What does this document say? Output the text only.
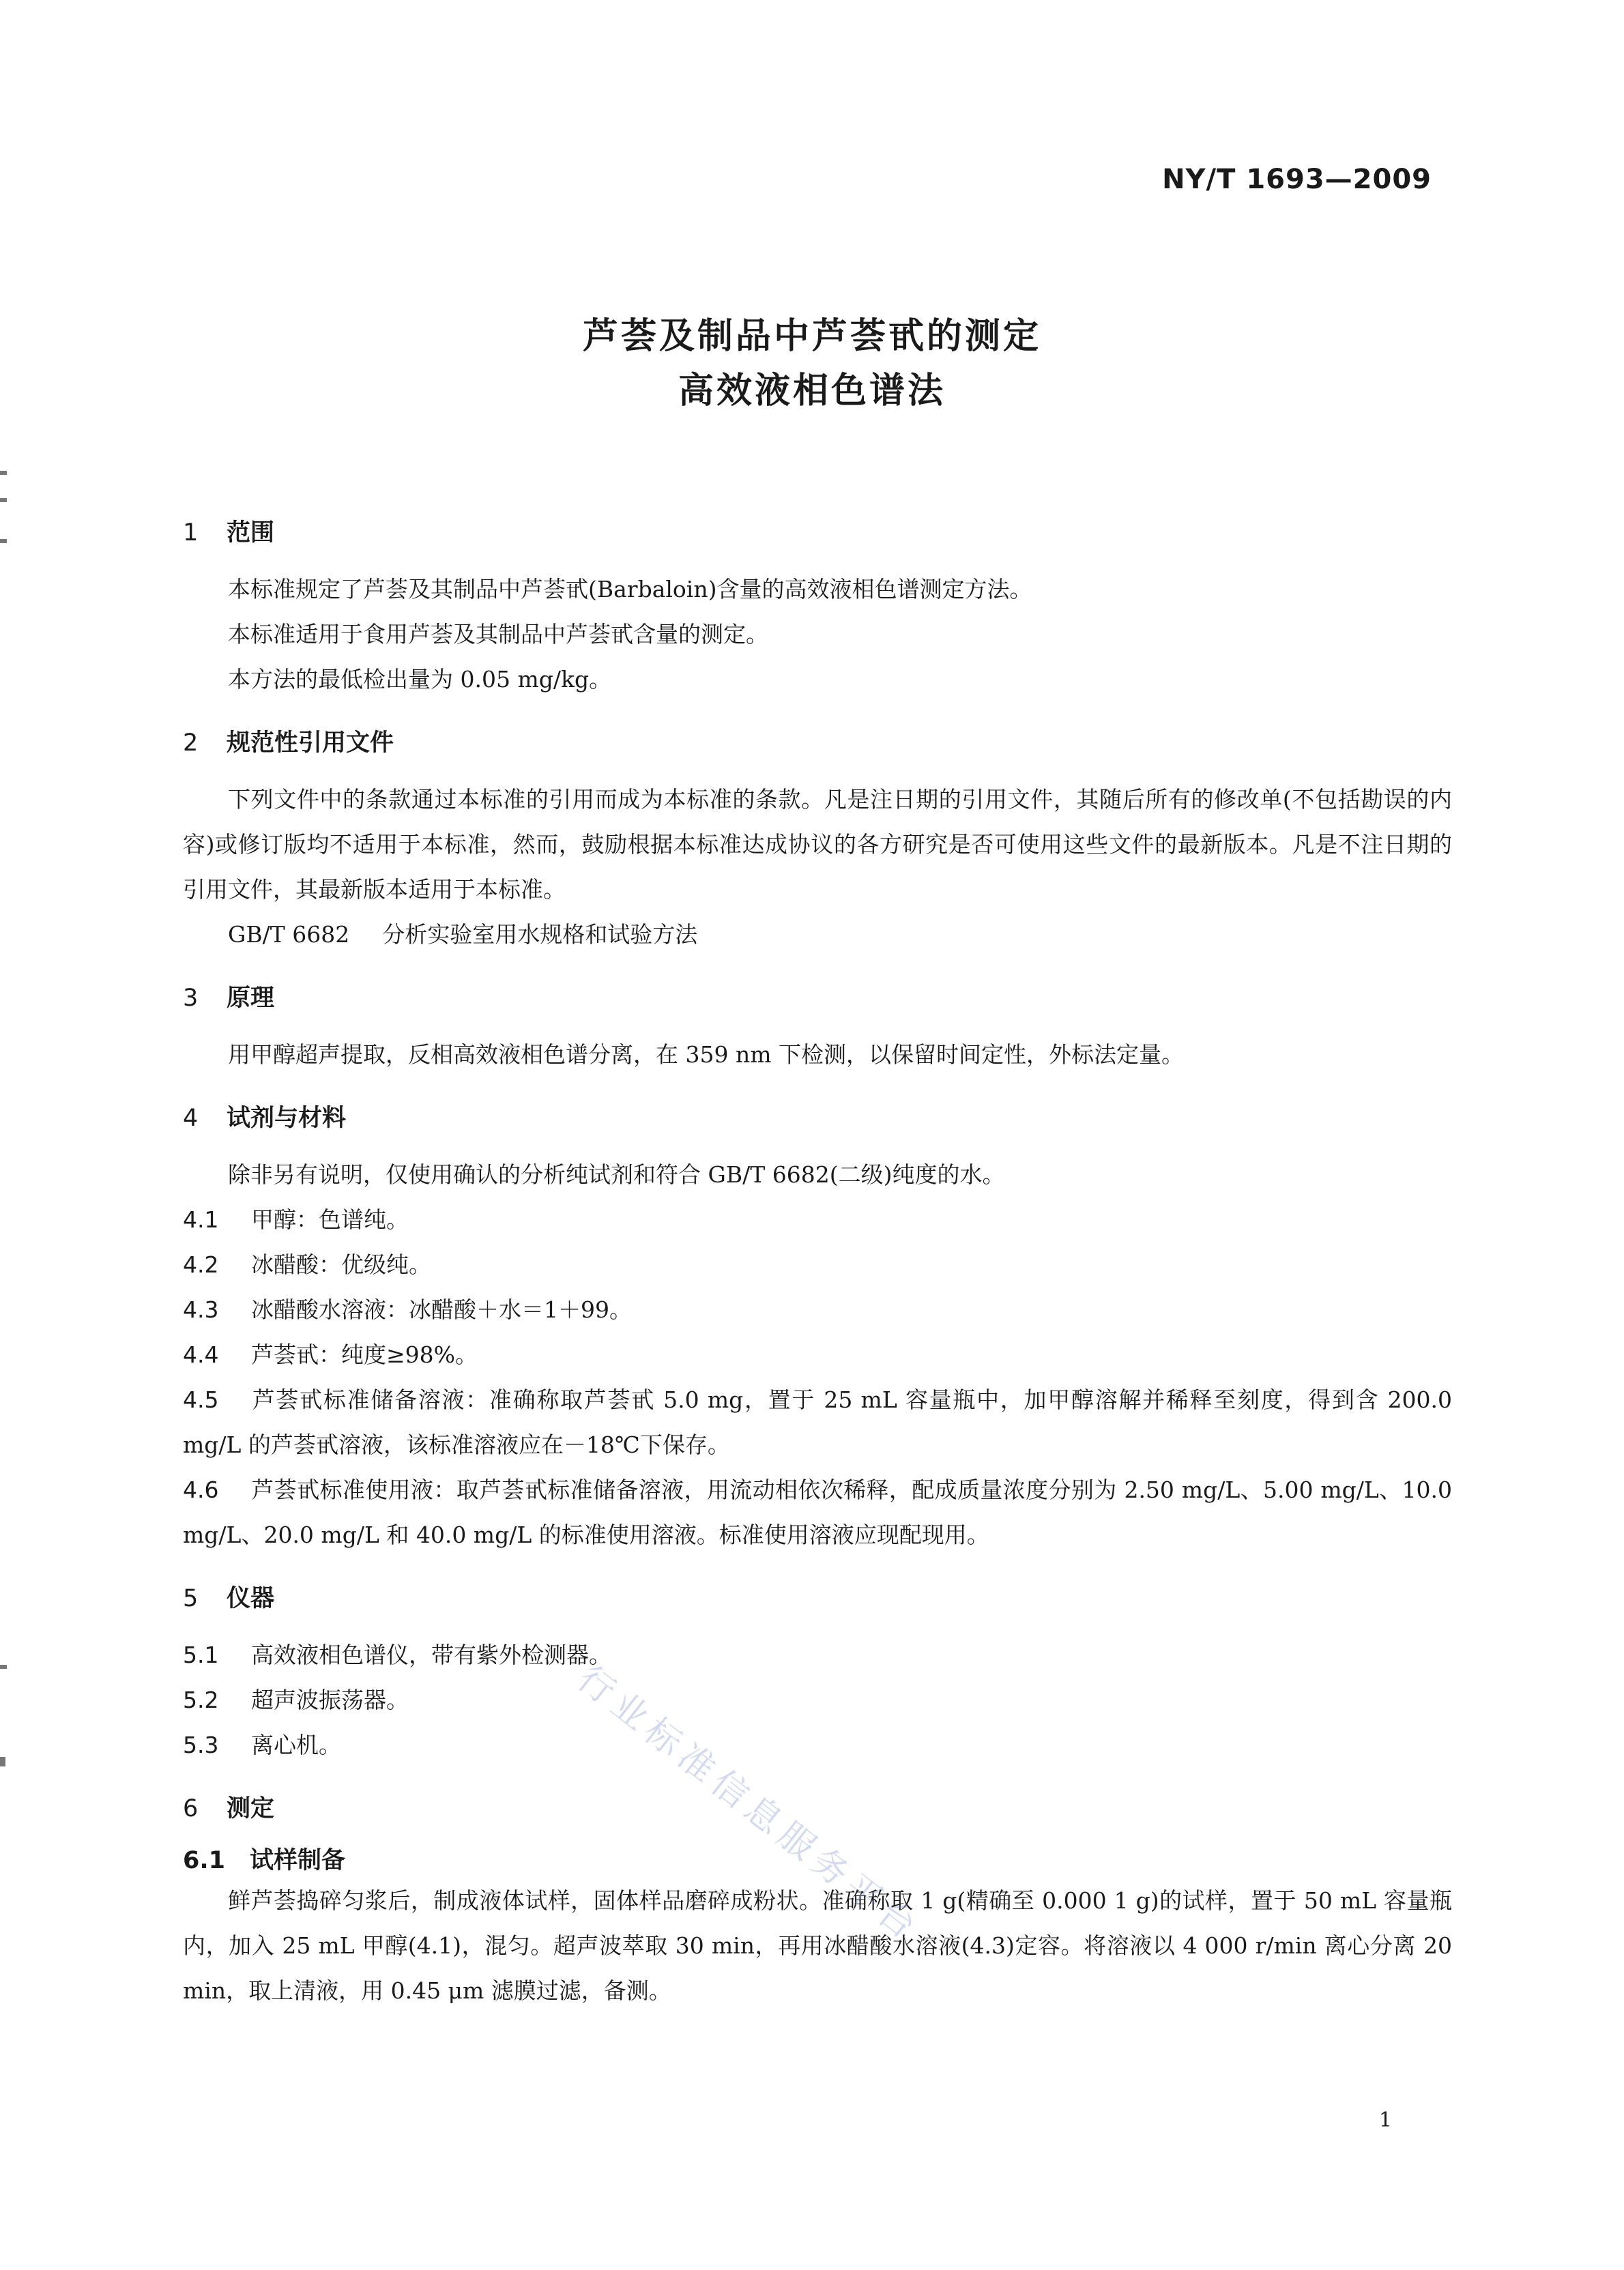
NY/T 1693—2009
芦荟及制品中芦荟甙的测定
高效液相色谱法
1 范围

本标准规定了芦荟及其制品中芦荟甙(Barbaloin)含量的高效液相色谱测定方法。

本标准适用于食用芦荟及其制品中芦荟甙含量的测定。

本方法的最低检出量为 0.05 mg/kg。

2 规范性引用文件

下列文件中的条款通过本标准的引用而成为本标准的条款。凡是注日期的引用文件，其随后所有的修改单(不包括勘误的内容)或修订版均不适用于本标准，然而，鼓励根据本标准达成协议的各方研究是否可使用这些文件的最新版本。凡是不注日期的引用文件，其最新版本适用于本标准。

GB/T 6682 分析实验室用水规格和试验方法

3 原理

用甲醇超声提取，反相高效液相色谱分离，在 359 nm 下检测，以保留时间定性，外标法定量。

4 试剂与材料

除非另有说明，仅使用确认的分析纯试剂和符合 GB/T 6682(二级)纯度的水。

4.1 甲醇：色谱纯。

4.2 冰醋酸：优级纯。

4.3 冰醋酸水溶液：冰醋酸＋水＝1＋99。

4.4 芦荟甙：纯度≥98%。

4.5 芦荟甙标准储备溶液：准确称取芦荟甙 5.0 mg，置于 25 mL 容量瓶中，加甲醇溶解并稀释至刻度，得到含 200.0 mg/L 的芦荟甙溶液，该标准溶液应在－18℃下保存。

4.6 芦荟甙标准使用液：取芦荟甙标准储备溶液，用流动相依次稀释，配成质量浓度分别为 2.50 mg/L、5.00 mg/L、10.0 mg/L、20.0 mg/L 和 40.0 mg/L 的标准使用溶液。标准使用溶液应现配现用。

5 仪器

5.1 高效液相色谱仪，带有紫外检测器。

5.2 超声波振荡器。

5.3 离心机。

6 测定
6.1 试样制备

鲜芦荟捣碎匀浆后，制成液体试样，固体样品磨碎成粉状。准确称取 1 g(精确至 0.000 1 g)的试样，置于 50 mL 容量瓶内，加入 25 mL 甲醇(4.1)，混匀。超声波萃取 30 min，再用冰醋酸水溶液(4.3)定容。将溶液以 4 000 r/min 离心分离 20 min，取上清液，用 0.45 μm 滤膜过滤，备测。

行业标准信息服务平台
1
